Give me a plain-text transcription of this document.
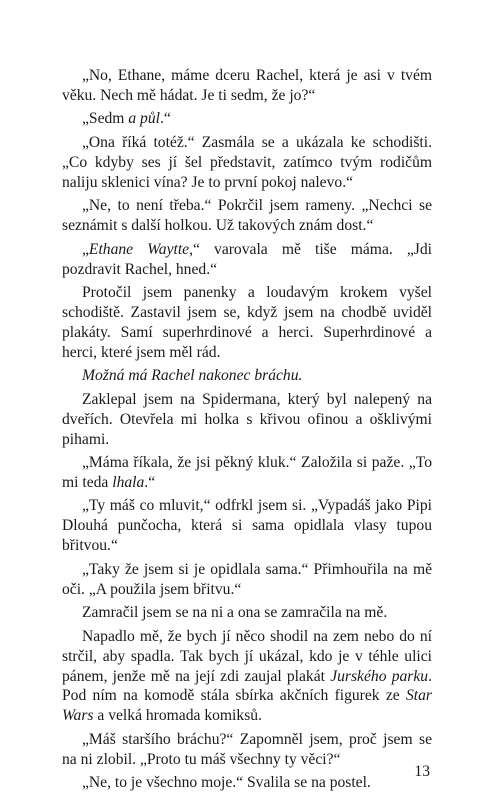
„No, Ethane, máme dceru Rachel, která je asi v tvém věku. Nech mě hádat. Je ti sedm, že jo?“

„Sedm a půl.“

„Ona říká totéž.“ Zasmála se a ukázala ke schodišti. „Co kdyby ses jí šel představit, zatímco tvým rodičům naliju sklenici vína? Je to první pokoj nalevo.“

„Ne, to není třeba.“ Pokrčil jsem rameny. „Nechci se seznámit s další holkou. Už takových znám dost.“

„Ethane Waytte,“ varovala mě tiše máma. „Jdi pozdravit Rachel, hned.“

Protočil jsem panenky a loudavým krokem vyšel schodiště. Zastavil jsem se, když jsem na chodbě uviděl plakáty. Samí superhrdinové a herci. Superhrdinové a herci, které jsem měl rád.

Možná má Rachel nakonec bráchu.

Zaklepal jsem na Spidermana, který byl nalepený na dveřích. Otevřela mi holka s křivou ofinou a ošklivými pihami.

„Máma říkala, že jsi pěkný kluk.“ Založila si paže. „To mi teda lhala.“

„Ty máš co mluvit,“ odfrkl jsem si. „Vypadáš jako Pipi Dlouhá punčocha, která si sama opidlala vlasy tupou břitvou.“

„Taky že jsem si je opidlala sama.“ Přimhouřila na mě oči. „A použila jsem břitvu.“

Zamračil jsem se na ni a ona se zamračila na mě.

Napadlo mě, že bych jí něco shodil na zem nebo do ní strčil, aby spadla. Tak bych jí ukázal, kdo je v téhle ulici pánem, jenže mě na její zdi zaujal plakát Jurského parku. Pod ním na komodě stála sbírka akčních figurek ze Star Wars a velká hromada komiksů.

„Máš staršího bráchu?“ Zapomněl jsem, proč jsem se na ni zlobil. „Proto tu máš všechny ty věci?“

„Ne, to je všechno moje.“ Svalila se na postel.

13
